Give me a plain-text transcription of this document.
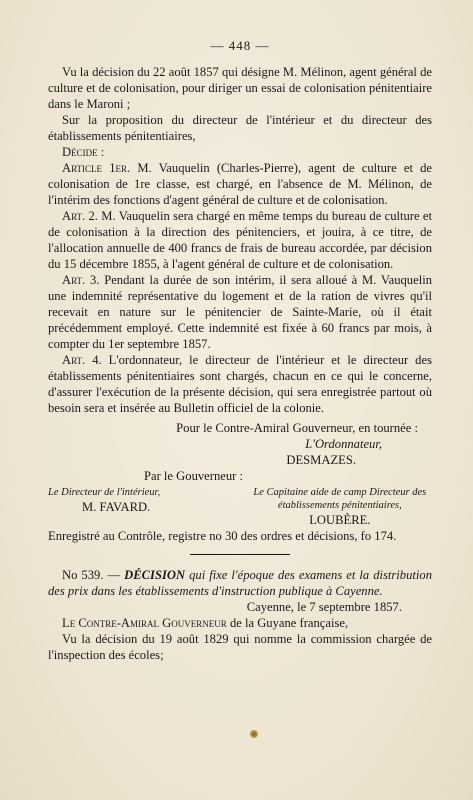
— 448 —

Vu la décision du 22 août 1857 qui désigne M. Mélinon, agent général de culture et de colonisation, pour diriger un essai de colonisation pénitentiaire dans le Maroni ;

Sur la proposition du directeur de l'intérieur et du directeur des établissements pénitentiaires,

Décide :

Article 1er. M. Vauquelin (Charles-Pierre), agent de culture et de colonisation de 1re classe, est chargé, en l'absence de M. Mélinon, de l'intérim des fonctions d'agent général de culture et de colonisation.

Art. 2. M. Vauquelin sera chargé en même temps du bureau de culture et de colonisation à la direction des pénitenciers, et jouira, à ce titre, de l'allocation annuelle de 400 francs de frais de bureau accordée, par décision du 15 décembre 1855, à l'agent général de culture et de colonisation.

Art. 3. Pendant la durée de son intérim, il sera alloué à M. Vauquelin une indemnité représentative du logement et de la ration de vivres qu'il recevait en nature sur le pénitencier de Sainte-Marie, où il était précédemment employé. Cette indemnité est fixée à 60 francs par mois, à compter du 1er septembre 1857.

Art. 4. L'ordonnateur, le directeur de l'intérieur et le directeur des établissements pénitentiaires sont chargés, chacun en ce qui le concerne, d'assurer l'exécution de la présente décision, qui sera enregistrée partout où besoin sera et insérée au Bulletin officiel de la colonie.

Pour le Contre-Amiral Gouverneur, en tournée :

L'Ordonnateur,

DESMAZES.

Par le Gouverneur :

Le Directeur de l'intérieur,
M. FAVARD.
Le Capitaine aide de camp Directeur des
établissements pénitentiaires,
LOUBÈRE.

Enregistré au Contrôle, registre no 30 des ordres et décisions, fo 174.

No 539. — DÉCISION qui fixe l'époque des examens et la distribution des prix dans les établissements d'instruction publique à Cayenne.

Cayenne, le 7 septembre 1857.

Le Contre-Amiral Gouverneur de la Guyane française,

Vu la décision du 19 août 1829 qui nomme la commission chargée de l'inspection des écoles;
